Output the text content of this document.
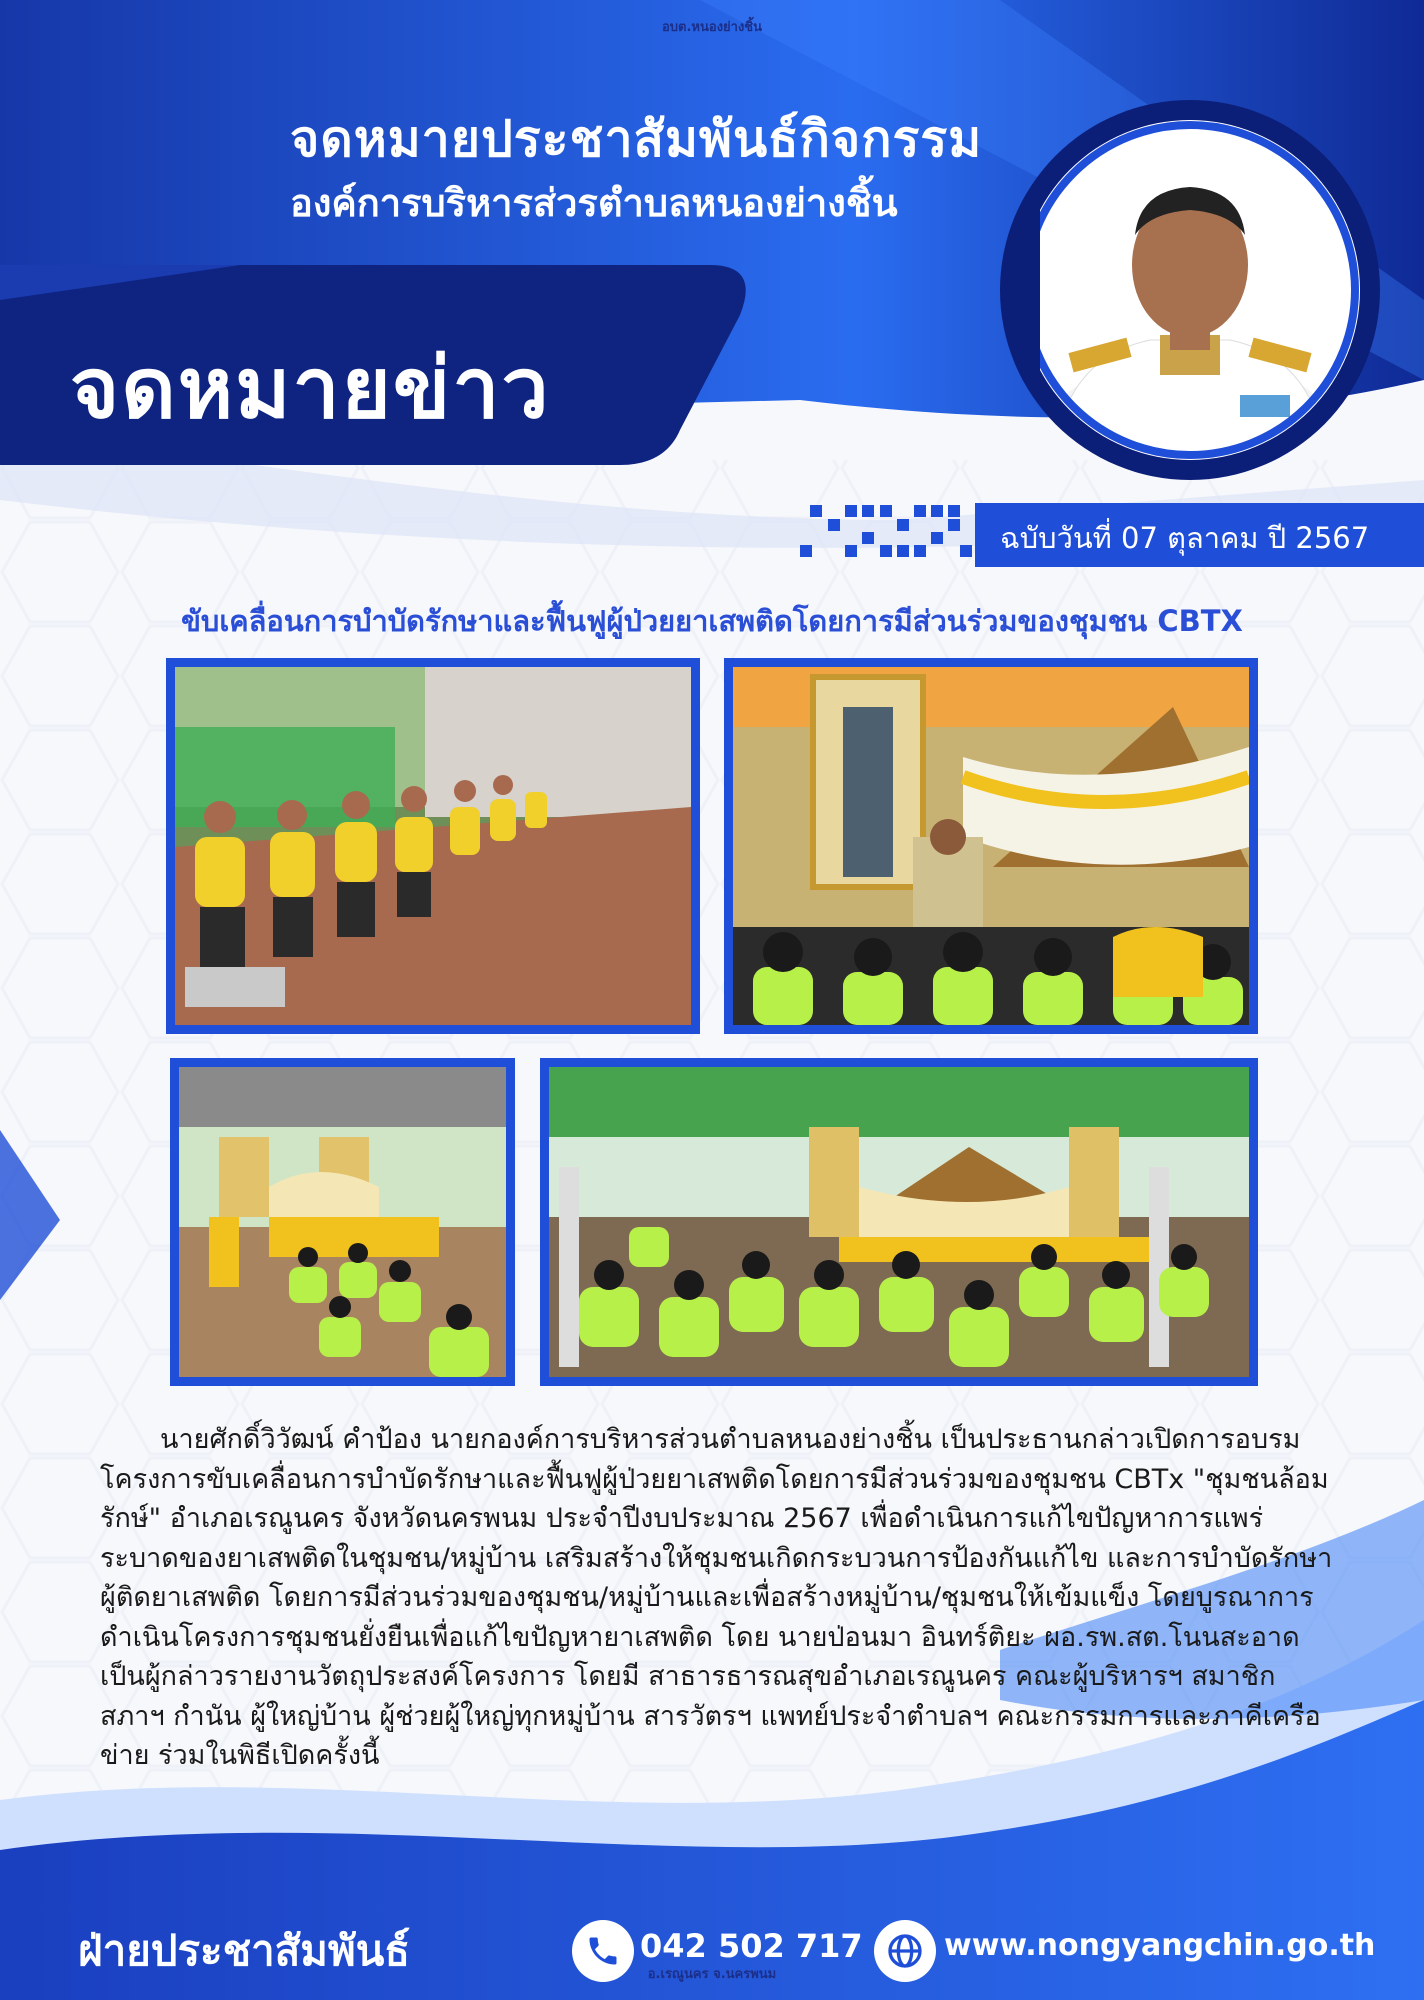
อบต.หนองย่างชิ้น
อ.เรณูนคร จ.นครพนม
จดหมายประชาสัมพันธ์กิจกรรม
องค์การบริหารส่วรตำบลหนองย่างชิ้น
จดหมายข่าว
ฉบับวันที่ 07 ตุลาคม ปี 2567
ขับเคลื่อนการบำบัดรักษาและฟื้นฟูผู้ป่วยยาเสพติดโดยการมีส่วนร่วมของชุมชน CBTX
นายศักดิ์วิวัฒน์ คำป้อง นายกองค์การบริหารส่วนตำบลหนองย่างชิ้น เป็นประธานกล่าวเปิดการอบรมโครงการขับเคลื่อนการบำบัดรักษาและฟื้นฟูผู้ป่วยยาเสพติดโดยการมีส่วนร่วมของชุมชน CBTx "ชุมชนล้อมรักษ์" อำเภอเรณูนคร จังหวัดนครพนม ประจำปีงบประมาณ 2567 เพื่อดำเนินการแก้ไขปัญหาการแพร่ระบาดของยาเสพติดในชุมชน/หมู่บ้าน เสริมสร้างให้ชุมชนเกิดกระบวนการป้องกันแก้ไข และการบำบัดรักษาผู้ติดยาเสพติด โดยการมีส่วนร่วมของชุมชน/หมู่บ้านและเพื่อสร้างหมู่บ้าน/ชุมชนให้เข้มแข็ง โดยบูรณาการดำเนินโครงการชุมชนยั่งยืนเพื่อแก้ไขปัญหายาเสพติด โดย นายป่อนมา อินทร์ติยะ ผอ.รพ.สต.โนนสะอาด เป็นผู้กล่าวรายงานวัตถุประสงค์โครงการ โดยมี สาธารธารณสุขอำเภอเรณูนคร คณะผู้บริหารฯ สมาชิกสภาฯ กำนัน ผู้ใหญ่บ้าน ผู้ช่วยผู้ใหญ่ทุกหมู่บ้าน สารวัตรฯ แพทย์ประจำตำบลฯ คณะกรรมการและภาคีเครือข่าย ร่วมในพิธีเปิดครั้งนี้
ฝ่ายประชาสัมพันธ์	042 502 717	www.nongyangchin.go.th
